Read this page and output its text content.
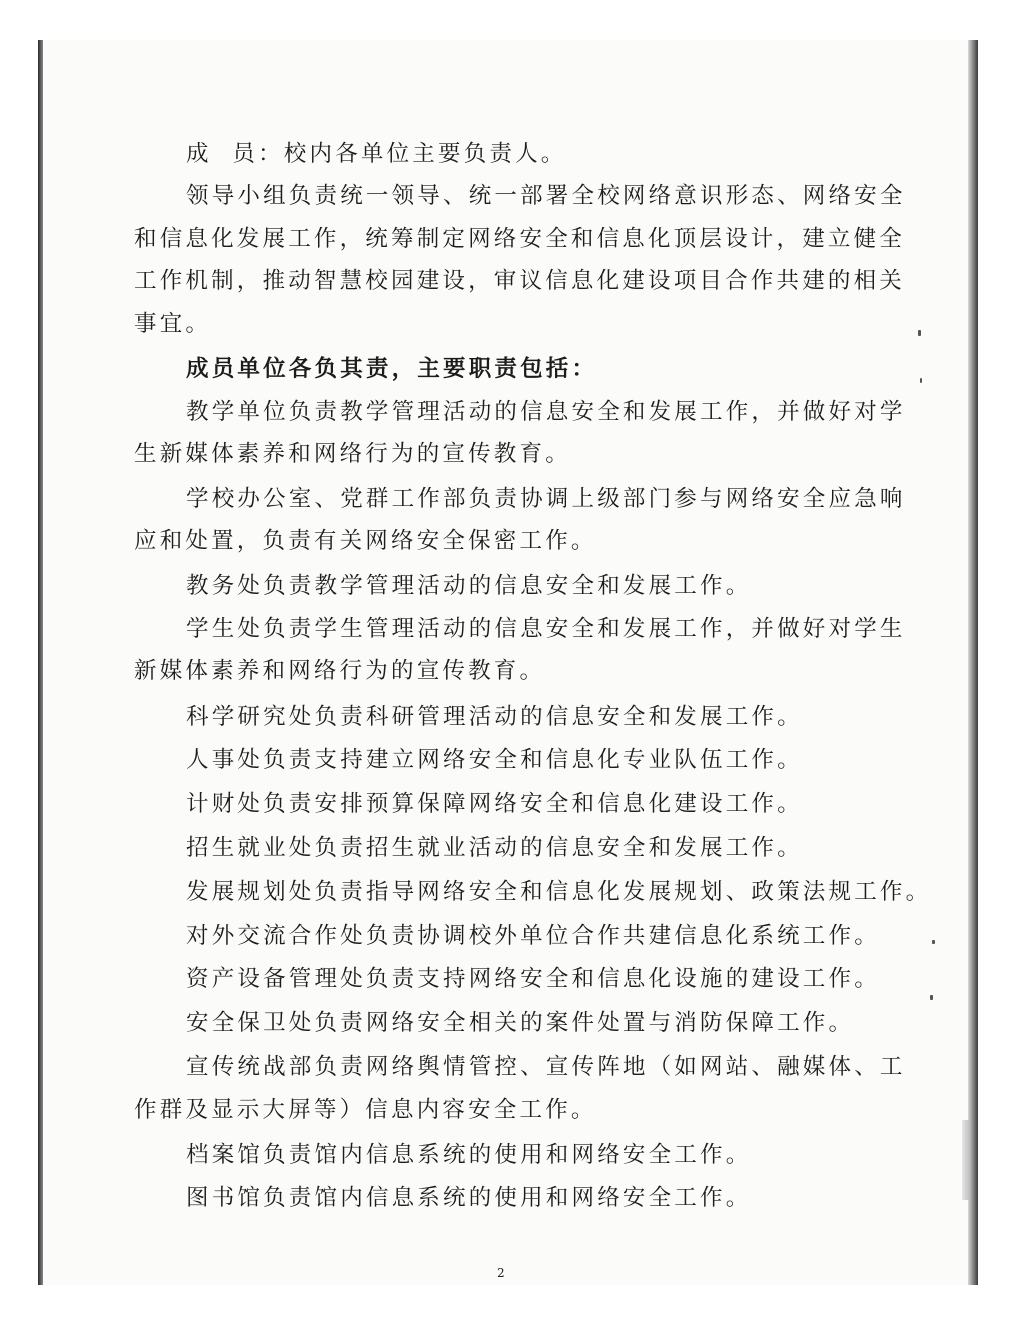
成  员：校内各单位主要负责人。
领导小组负责统一领导、统一部署全校网络意识形态、网络安全
和信息化发展工作，统筹制定网络安全和信息化顶层设计，建立健全
工作机制，推动智慧校园建设，审议信息化建设项目合作共建的相关
事宜。
成员单位各负其责，主要职责包括：
教学单位负责教学管理活动的信息安全和发展工作，并做好对学
生新媒体素养和网络行为的宣传教育。
学校办公室、党群工作部负责协调上级部门参与网络安全应急响
应和处置，负责有关网络安全保密工作。
教务处负责教学管理活动的信息安全和发展工作。
学生处负责学生管理活动的信息安全和发展工作，并做好对学生
新媒体素养和网络行为的宣传教育。
科学研究处负责科研管理活动的信息安全和发展工作。
人事处负责支持建立网络安全和信息化专业队伍工作。
计财处负责安排预算保障网络安全和信息化建设工作。
招生就业处负责招生就业活动的信息安全和发展工作。
发展规划处负责指导网络安全和信息化发展规划、政策法规工作。
对外交流合作处负责协调校外单位合作共建信息化系统工作。
资产设备管理处负责支持网络安全和信息化设施的建设工作。
安全保卫处负责网络安全相关的案件处置与消防保障工作。
宣传统战部负责网络舆情管控、宣传阵地（如网站、融媒体、工
作群及显示大屏等）信息内容安全工作。
档案馆负责馆内信息系统的使用和网络安全工作。
图书馆负责馆内信息系统的使用和网络安全工作。
2
